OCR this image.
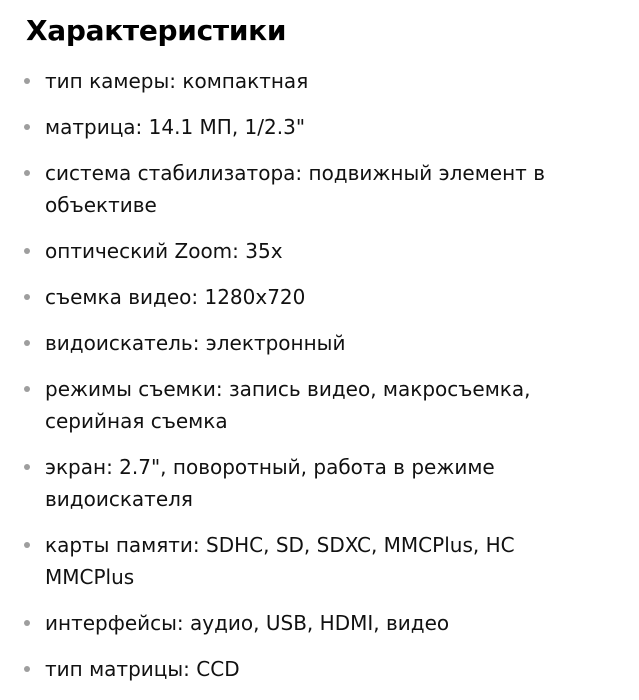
Характеристики
тип камеры: компактная
матрица: 14.1 МП, 1/2.3"
система стабилизатора: подвижный элемент в
объективе
оптический Zoom: 35x
съемка видео: 1280x720
видоискатель: электронный
режимы съемки: запись видео, макросъемка,
серийная съемка
экран: 2.7", поворотный, работа в режиме
видоискателя
карты памяти: SDHC, SD, SDXC, MMCPlus, HC
MMCPlus
интерфейсы: аудио, USB, HDMI, видео
тип матрицы: CCD
